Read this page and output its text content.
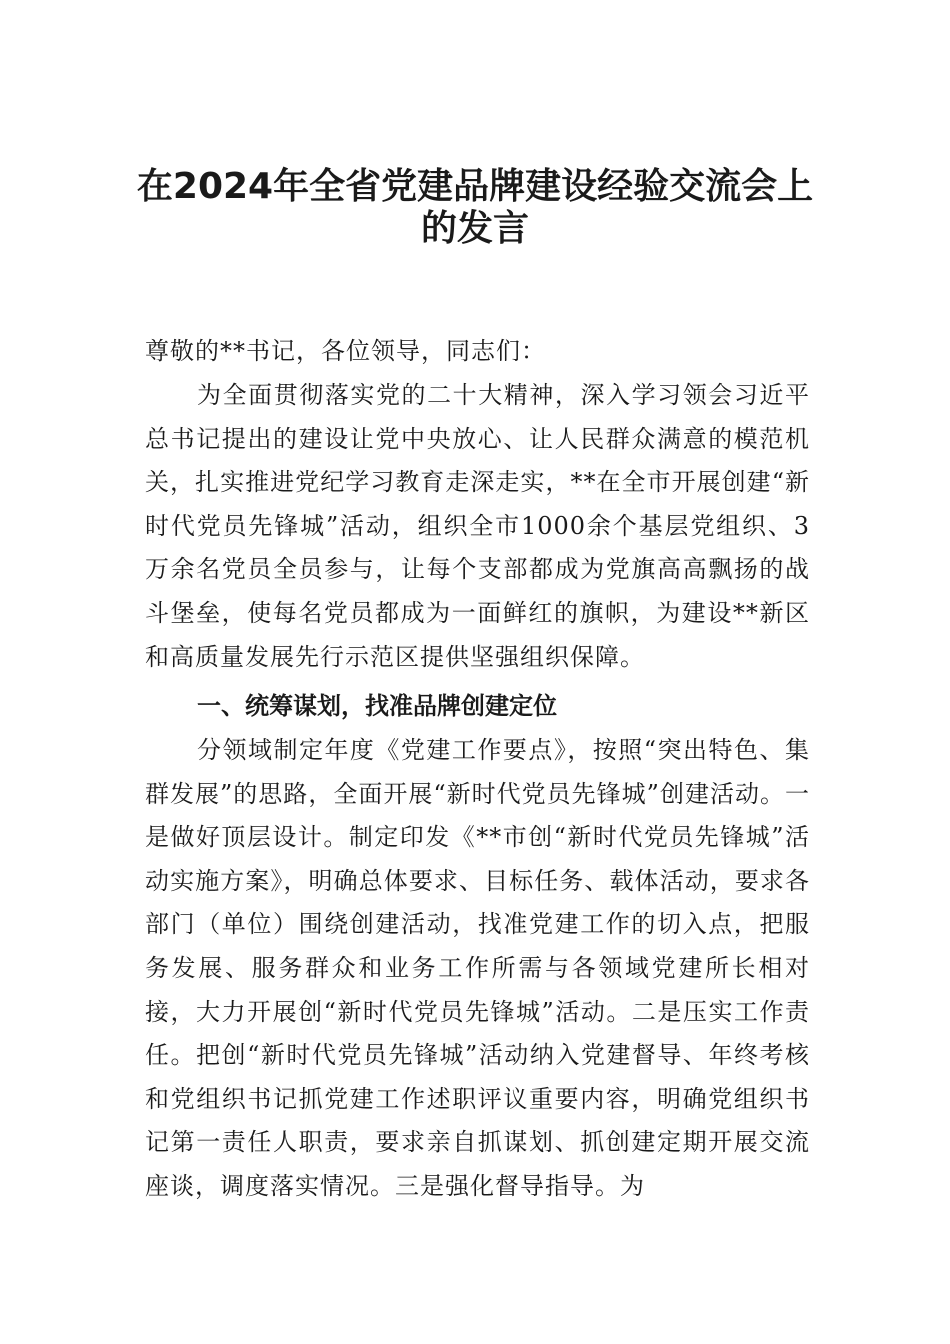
在2024年全省党建品牌建设经验交流会上
的发言

尊敬的**书记，各位领导，同志们：

为全面贯彻落实党的二十大精神，深入学习领会习近平总书记提出的建设让党中央放心、让人民群众满意的模范机关，扎实推进党纪学习教育走深走实，**在全市开展创建“新时代党员先锋城”活动，组织全市1000余个基层党组织、3万余名党员全员参与，让每个支部都成为党旗高高飘扬的战斗堡垒，使每名党员都成为一面鲜红的旗帜，为建设**新区和高质量发展先行示范区提供坚强组织保障。

一、统筹谋划，找准品牌创建定位

分领域制定年度《党建工作要点》，按照“突出特色、集群发展”的思路，全面开展“新时代党员先锋城”创建活动。一是做好顶层设计。制定印发《**市创“新时代党员先锋城”活动实施方案》，明确总体要求、目标任务、载体活动，要求各部门（单位）围绕创建活动，找准党建工作的切入点，把服务发展、服务群众和业务工作所需与各领域党建所长相对接，大力开展创“新时代党员先锋城”活动。二是压实工作责任。把创“新时代党员先锋城”活动纳入党建督导、年终考核和党组织书记抓党建工作述职评议重要内容，明确党组织书记第一责任人职责，要求亲自抓谋划、抓创建定期开展交流座谈，调度落实情况。三是强化督导指导。为
